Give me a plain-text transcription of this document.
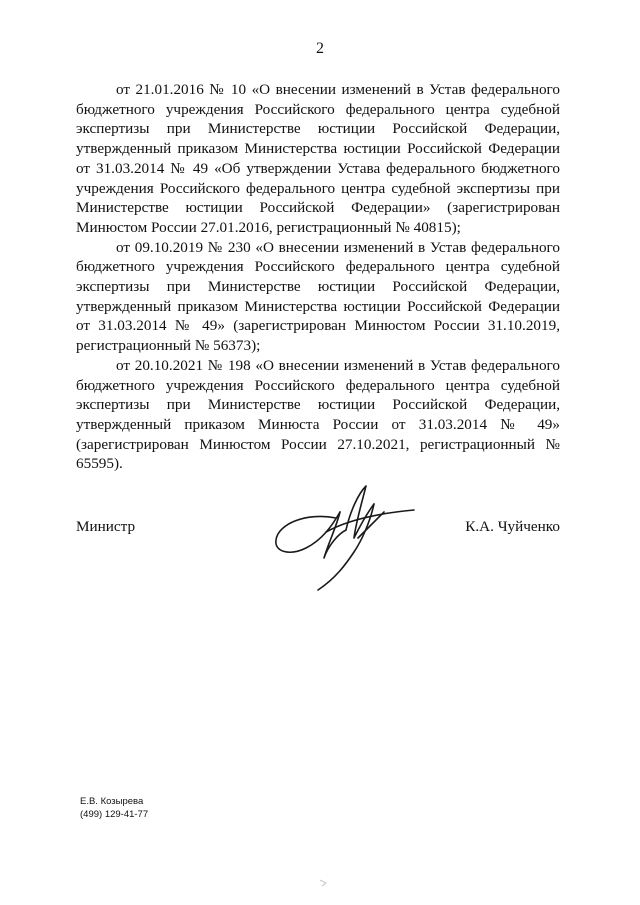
2

от 21.01.2016 № 10 «О внесении изменений в Устав федерального бюджетного учреждения Российского федерального центра судебной экспертизы при Министерстве юстиции Российской Федерации, утвержденный приказом Министерства юстиции Российской Федерации от 31.03.2014 № 49 «Об утверждении Устава федерального бюджетного учреждения Российского федерального центра судебной экспертизы при Министерстве юстиции Российской Федерации» (зарегистрирован Минюстом России 27.01.2016, регистрационный № 40815);

от 09.10.2019 № 230 «О внесении изменений в Устав федерального бюджетного учреждения Российского федерального центра судебной экспертизы при Министерстве юстиции Российской Федерации, утвержденный приказом Министерства юстиции Российской Федерации от 31.03.2014 № 49» (зарегистрирован Минюстом России 31.10.2019, регистрационный № 56373);

от 20.10.2021 № 198 «О внесении изменений в Устав федерального бюджетного учреждения Российского федерального центра судебной экспертизы при Министерстве юстиции Российской Федерации, утвержденный приказом Минюста России от 31.03.2014 № 49» (зарегистрирован Минюстом России 27.10.2021, регистрационный № 65595).

Министр	К.А. Чуйченко
Е.В. Козырева
(499) 129-41-77
